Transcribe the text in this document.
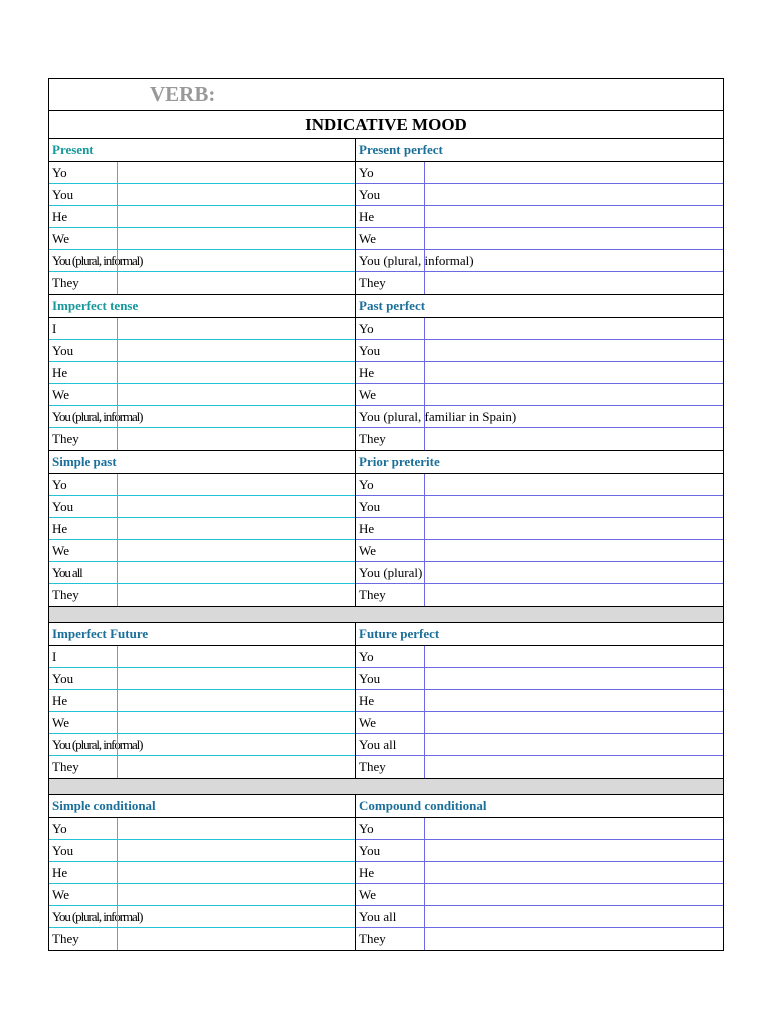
VERB:
INDICATIVE MOOD
Present
Yo
You
He
We
You (plural, informal)
They
Present perfect
Yo
You
He
We
You (plural, informal)
They
Imperfect tense
I
You
He
We
You (plural, informal)
They
Past perfect
Yo
You
He
We
You (plural, familiar in Spain)
They
Simple past
Yo
You
He
We
You all
They
Prior preterite
Yo
You
He
We
You (plural)
They
Imperfect Future
I
You
He
We
You (plural, informal)
They
Future perfect
Yo
You
He
We
You all
They
Simple conditional
Yo
You
He
We
You (plural, informal)
They
Compound conditional
Yo
You
He
We
You all
They
